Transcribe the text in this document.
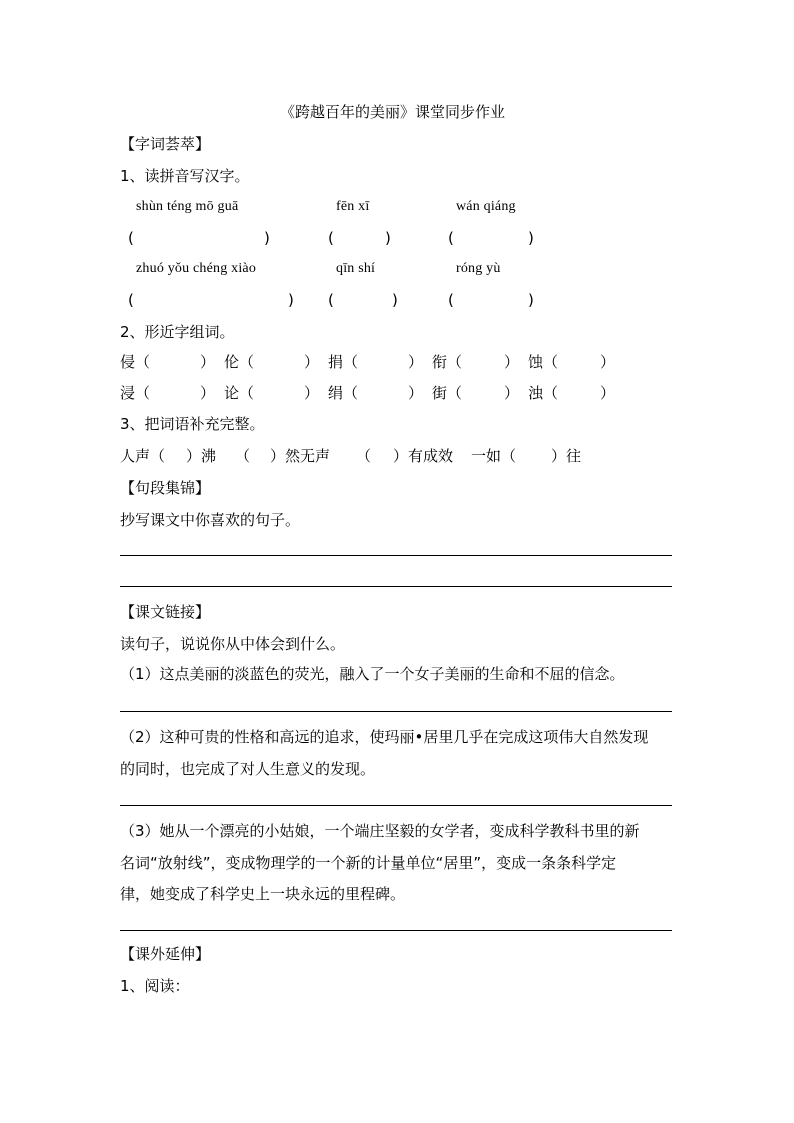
《跨越百年的美丽》课堂同步作业
【字词荟萃】
1、读拼音写汉字。
shùn téng mō guā	fēn xī	wán qiáng
(	)	(	)	(	)
zhuó yǒu chéng xiào	qīn shí	róng yù
(	) (	)	(	)
2、形近字组词。
侵（	） 伦（	） 捐（	） 衔（	） 蚀（	）
浸（	） 论（	） 绢（	） 街（	） 浊（	）
3、把词语补充完整。
人声（ ）沸 （ ）然无声 （ ）有成效 一如（ ）往
【句段集锦】
抄写课文中你喜欢的句子。
【课文链接】
读句子，说说你从中体会到什么。
（1）这点美丽的淡蓝色的荧光，融入了一个女子美丽的生命和不屈的信念。
（2）这种可贵的性格和高远的追求，使玛丽•居里几乎在完成这项伟大自然发现
的同时，也完成了对人生意义的发现。
（3）她从一个漂亮的小姑娘，一个端庄坚毅的女学者，变成科学教科书里的新
名词“放射线”，变成物理学的一个新的计量单位“居里”，变成一条条科学定
律，她变成了科学史上一块永远的里程碑。
【课外延伸】
1、阅读：
